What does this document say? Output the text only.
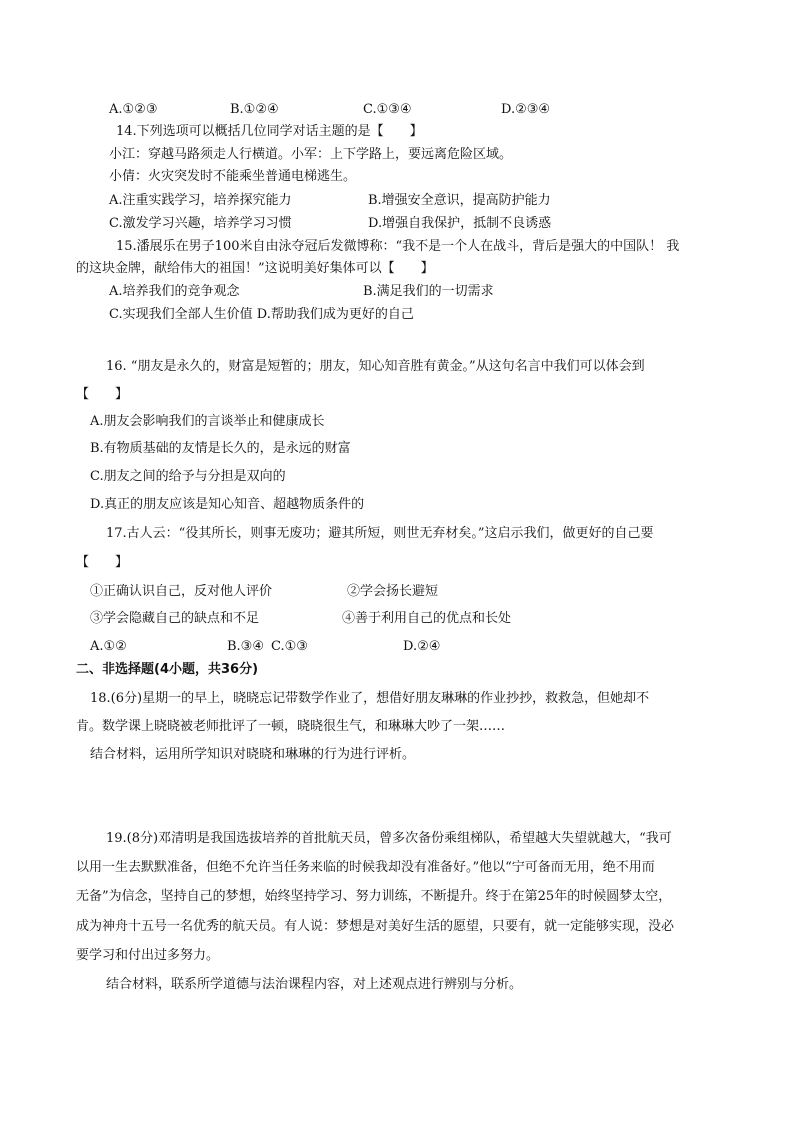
A.①②③	B.①②④	C.①③④	D.②③④
14.下列选项可以概括几位同学对话主题的是【　　】
小江：穿越马路须走人行横道。小军：上下学路上，要远离危险区域。
小倩：火灾突发时不能乘坐普通电梯逃生。
A.注重实践学习，培养探究能力	B.增强安全意识，提高防护能力
C.激发学习兴趣，培养学习习惯	D.增强自我保护，抵制不良诱惑
15.潘展乐在男子100米自由泳夺冠后发微博称：“我不是一个人在战斗，背后是强大的中国队！ 我
的这块金牌，献给伟大的祖国！”这说明美好集体可以【　　】
A.培养我们的竞争观念	B.满足我们的一切需求
C.实现我们全部人生价值 D.帮助我们成为更好的自己
16. “朋友是永久的，财富是短暂的；朋友，知心知音胜有黄金。”从这句名言中我们可以体会到
【　　】
A.朋友会影响我们的言谈举止和健康成长
B.有物质基础的友情是长久的，是永远的财富
C.朋友之间的给予与分担是双向的
D.真正的朋友应该是知心知音、超越物质条件的
17.古人云：“役其所长，则事无废功；避其所短，则世无弃材矣。”这启示我们，做更好的自己要
【　　】
①正确认识自己，反对他人评价	②学会扬长避短
③学会隐藏自己的缺点和不足	④善于利用自己的优点和长处
A.①②	B.③④ C.①③	D.②④
二、非选择题(4小题，共36分)
18.(6分)星期一的早上，晓晓忘记带数学作业了，想借好朋友琳琳的作业抄抄，救救急，但她却不
肯。数学课上晓晓被老师批评了一顿，晓晓很生气，和琳琳大吵了一架……
结合材料，运用所学知识对晓晓和琳琳的行为进行评析。
19.(8分)邓清明是我国选拔培养的首批航天员，曾多次备份乘组梯队，希望越大失望就越大，“我可
以用一生去默默准备，但绝不允许当任务来临的时候我却没有准备好。”他以“宁可备而无用，绝不用而
无备”为信念，坚持自己的梦想，始终坚持学习、努力训练，不断提升。终于在第25年的时候圆梦太空，
成为神舟十五号一名优秀的航天员。有人说：梦想是对美好生活的愿望，只要有，就一定能够实现，没必
要学习和付出过多努力。
结合材料，联系所学道德与法治课程内容，对上述观点进行辨别与分析。
